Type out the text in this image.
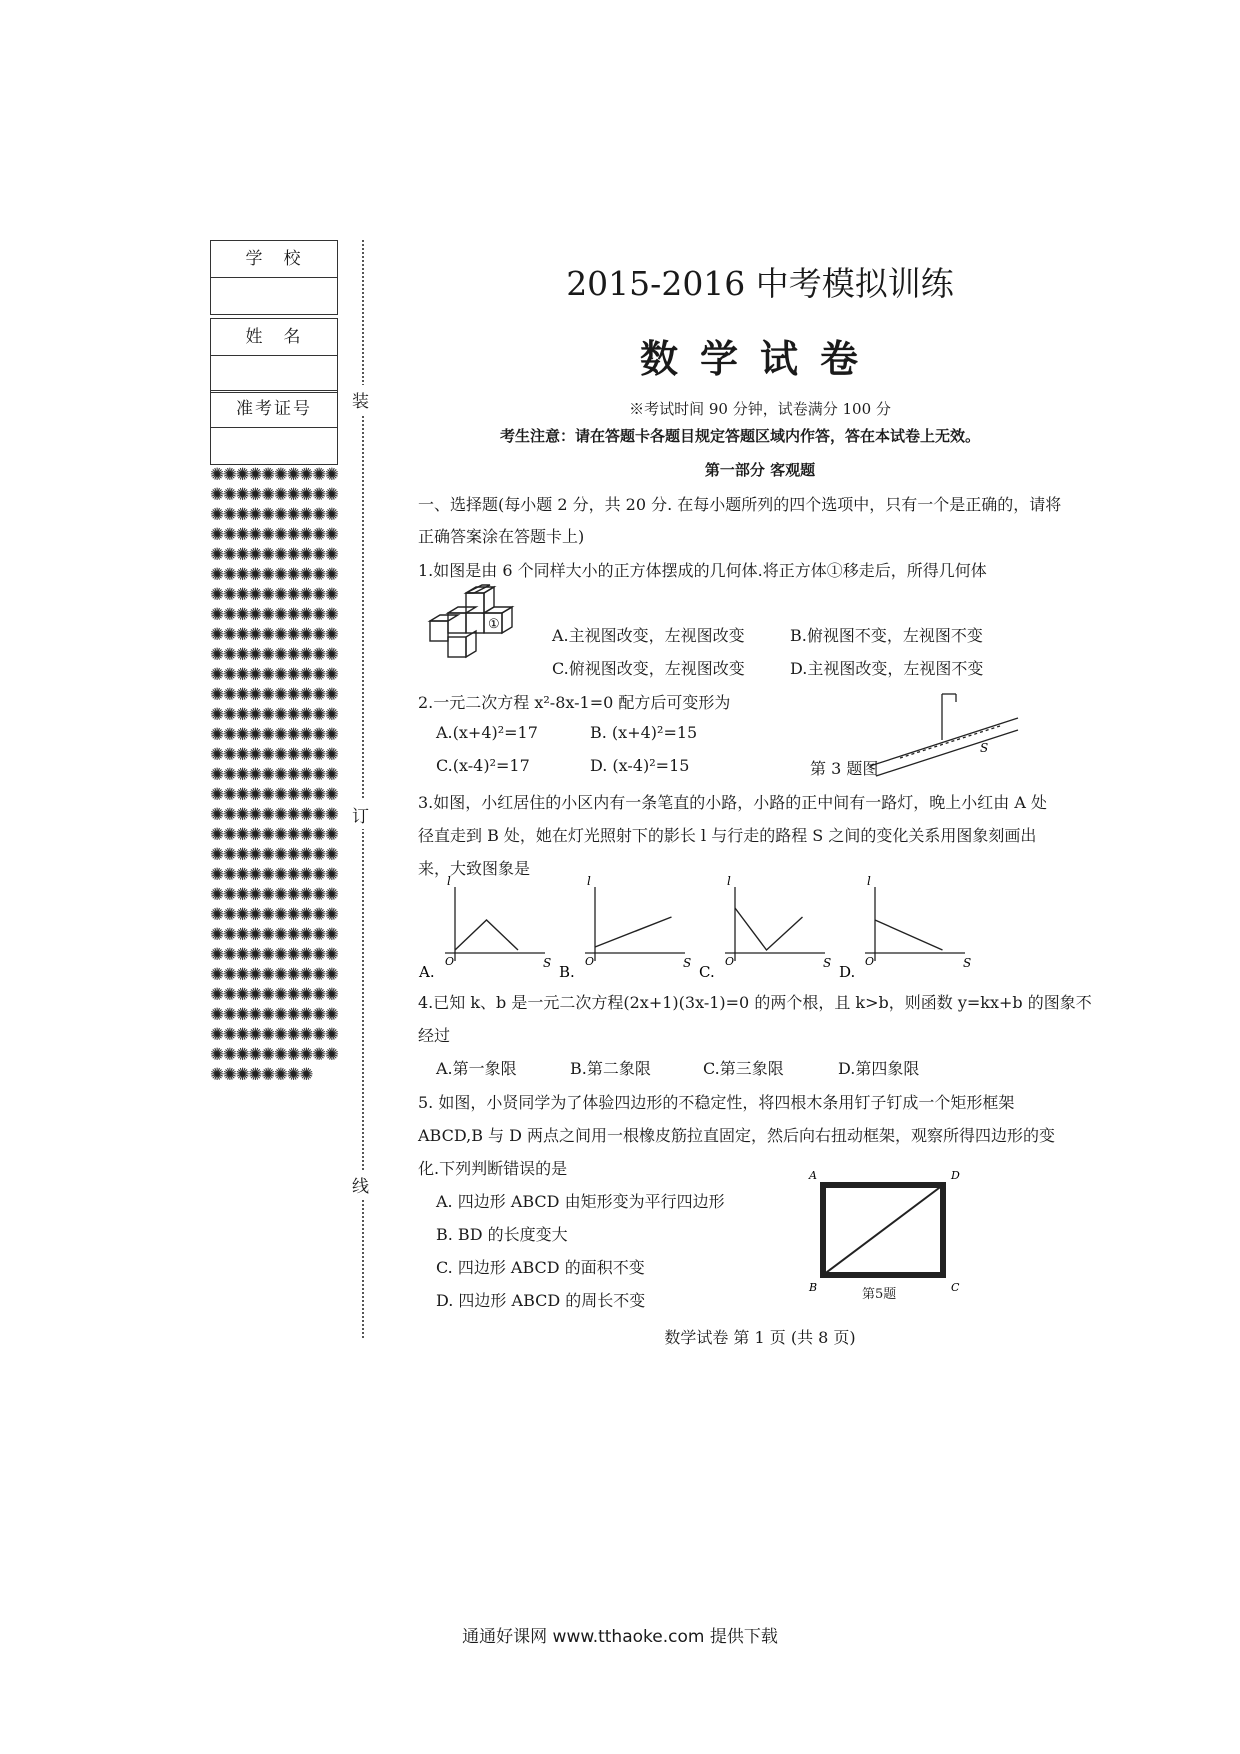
学　校
姓　名
准考证号
✺✺✺✺✺✺✺✺✺✺✺✺✺✺✺✺✺✺✺✺✺✺✺✺✺✺✺✺✺✺✺✺✺✺✺✺✺✺✺✺✺✺✺✺✺✺✺✺✺✺✺✺✺✺✺✺✺✺✺✺✺✺✺✺✺✺✺✺✺✺✺✺✺✺✺✺✺✺✺✺✺✺✺✺✺✺✺✺✺✺✺✺✺✺✺✺✺✺✺✺✺✺✺✺✺✺✺✺✺✺✺✺✺✺✺✺✺✺✺✺✺✺✺✺✺✺✺✺✺✺✺✺✺✺✺✺✺✺✺✺✺✺✺✺✺✺✺✺✺✺✺✺✺✺✺✺✺✺✺✺✺✺✺✺✺✺✺✺✺✺✺✺✺✺✺✺✺✺✺✺✺✺✺✺✺✺✺✺✺✺✺✺✺✺✺✺✺✺✺✺✺✺✺✺✺✺✺✺✺✺✺✺✺✺✺✺✺✺✺✺✺✺✺✺✺✺✺✺✺✺✺✺✺✺✺✺✺✺✺✺✺✺✺✺✺✺✺✺✺✺✺✺✺✺✺✺✺✺✺✺✺✺✺✺✺✺✺✺✺✺✺✺✺✺✺✺✺✺✺✺✺✺✺✺✺✺✺✺✺✺✺✺✺✺✺✺✺✺✺✺✺✺✺✺✺✺✺✺
装
订
线
2015-2016 中考模拟训练
数学试卷
※考试时间 90 分钟，试卷满分 100 分
考生注意：请在答题卡各题目规定答题区域内作答，答在本试卷上无效。
第一部分 客观题
一、选择题(每小题 2 分，共 20 分. 在每小题所列的四个选项中，只有一个是正确的，请将
正确答案涂在答题卡上)
1.如图是由 6 个同样大小的正方体摆成的几何体.将正方体①移走后，所得几何体
①
A.主视图改变，左视图改变	B.俯视图不变，左视图不变
C.俯视图改变，左视图改变	D.主视图改变，左视图不变
2.一元二次方程 x²-8x-1=0 配方后可变形为
A.(x+4)²=17	B. (x+4)²=15
C.(x-4)²=17	D. (x-4)²=15
S
第 3 题图
3.如图，小红居住的小区内有一条笔直的小路，小路的正中间有一路灯，晚上小红由 A 处
径直走到 B 处，她在灯光照射下的影长 l 与行走的路程 S 之间的变化关系用图象刻画出
来，大致图象是
A.
O	S
l
B.
O	S
l
C.
O	S
l
D.
O	S
l
4.已知 k、b 是一元二次方程(2x+1)(3x-1)=0 的两个根，且 k>b，则函数 y=kx+b 的图象不
经过
A.第一象限	B.第二象限	C.第三象限	D.第四象限
5. 如图，小贤同学为了体验四边形的不稳定性，将四根木条用钉子钉成一个矩形框架
ABCD,B 与 D 两点之间用一根橡皮筋拉直固定，然后向右扭动框架，观察所得四边形的变
化.下列判断错误的是
A. 四边形 ABCD 由矩形变为平行四边形
B. BD 的长度变大
C. 四边形 ABCD 的面积不变
D. 四边形 ABCD 的周长不变
A	D
B	C
第5题
数学试卷 第 1 页 (共 8 页)
通通好课网 www.tthaoke.com 提供下载
